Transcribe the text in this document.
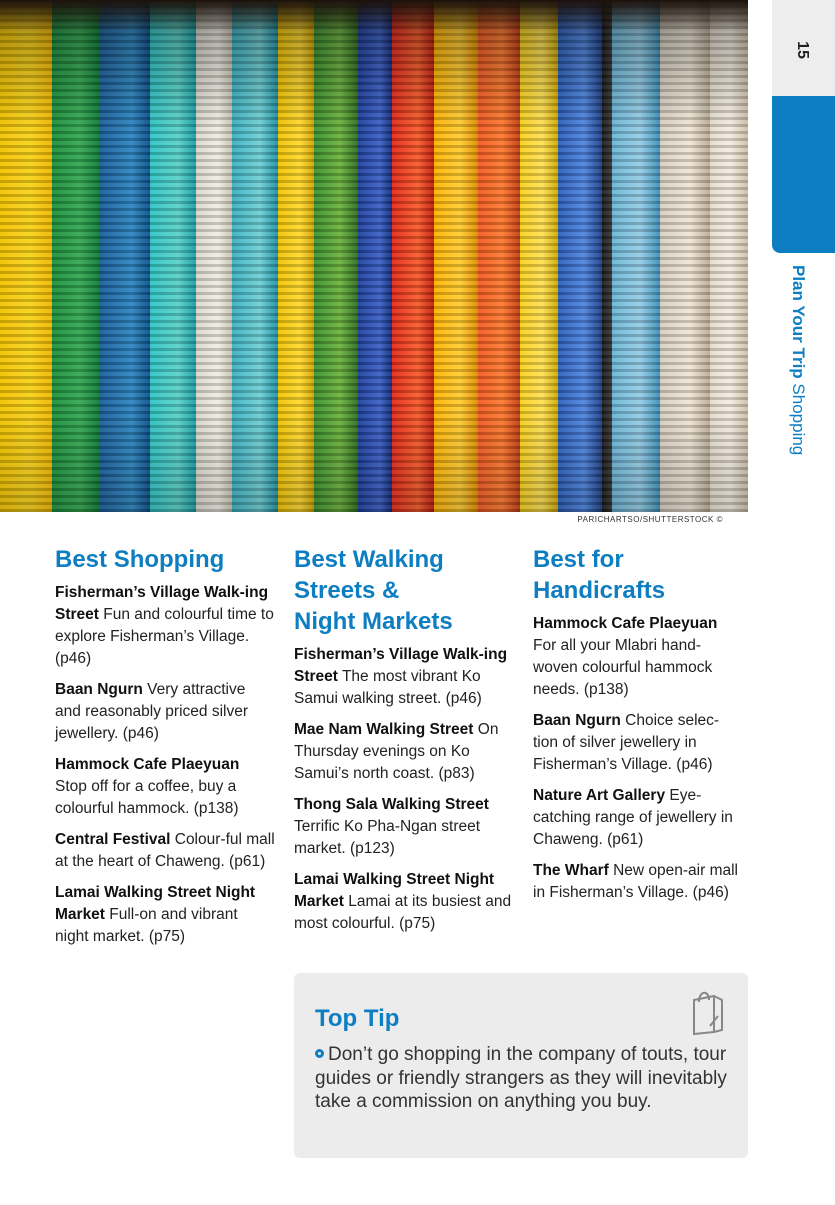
PARICHARTSO/SHUTTERSTOCK ©
15
Plan Your Trip Shopping
Best Shopping
Fisherman’s Village Walk-ing Street Fun and colourful time to explore Fisherman’s Village. (p46)
Baan Ngurn Very attractive and reasonably priced silver jewellery. (p46)
Hammock Cafe Plaeyuan Stop off for a coffee, buy a colourful hammock. (p138)
Central Festival Colour-ful mall at the heart of Chaweng. (p61)
Lamai Walking Street Night Market Full-on and vibrant night market. (p75)
Best Walking
Streets &
Night Markets
Fisherman’s Village Walk-ing Street The most vibrant Ko Samui walking street. (p46)
Mae Nam Walking Street On Thursday evenings on Ko Samui’s north coast. (p83)
Thong Sala Walking Street Terrific Ko Pha-Ngan street market. (p123)
Lamai Walking Street Night Market Lamai at its busiest and most colourful. (p75)
Best for
Handicrafts
Hammock Cafe Plaeyuan For all your Mlabri hand-woven colourful hammock needs. (p138)
Baan Ngurn Choice selec-tion of silver jewellery in Fisherman’s Village. (p46)
Nature Art Gallery Eye-catching range of jewellery in Chaweng. (p61)
The Wharf New open-air mall in Fisherman’s Village. (p46)
Top Tip

Don’t go shopping in the company of touts, tour guides or friendly strangers as they will inevitably take a commission on anything you buy.
